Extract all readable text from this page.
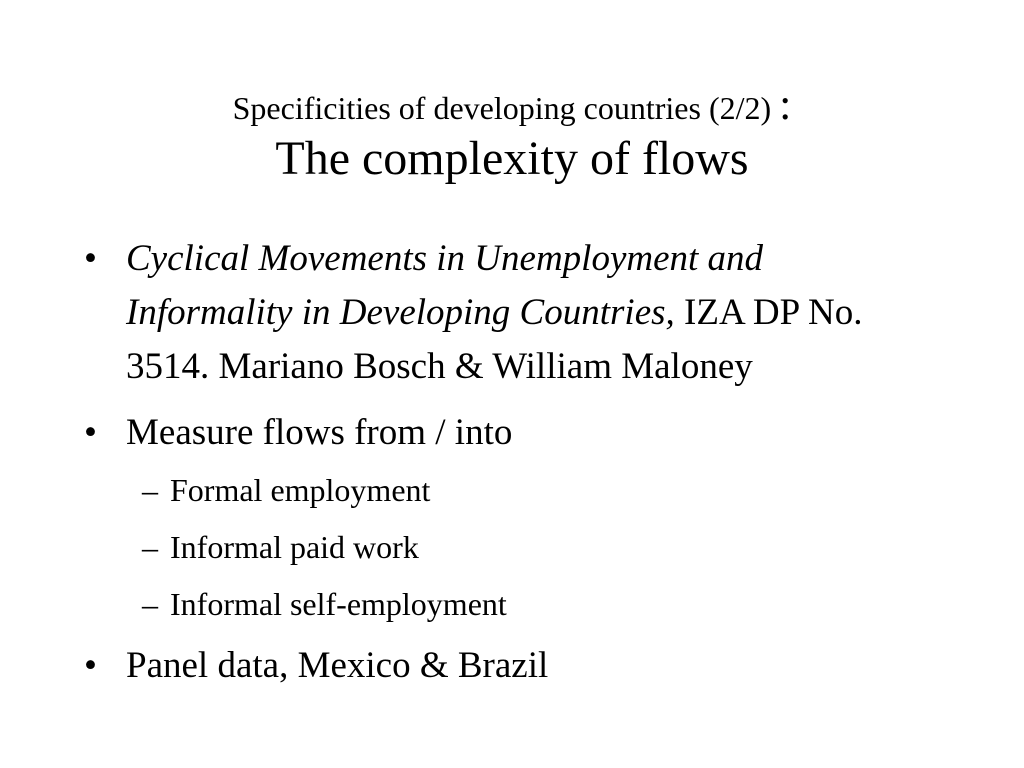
Specificities of developing countries (2/2) :
The complexity of flows
• Cyclical Movements in Unemployment and Informality in Developing Countries, IZA DP No. 3514. Mariano Bosch & William Maloney
• Measure flows from / into
– Formal employment
– Informal paid work
– Informal self-employment
• Panel data, Mexico & Brazil
